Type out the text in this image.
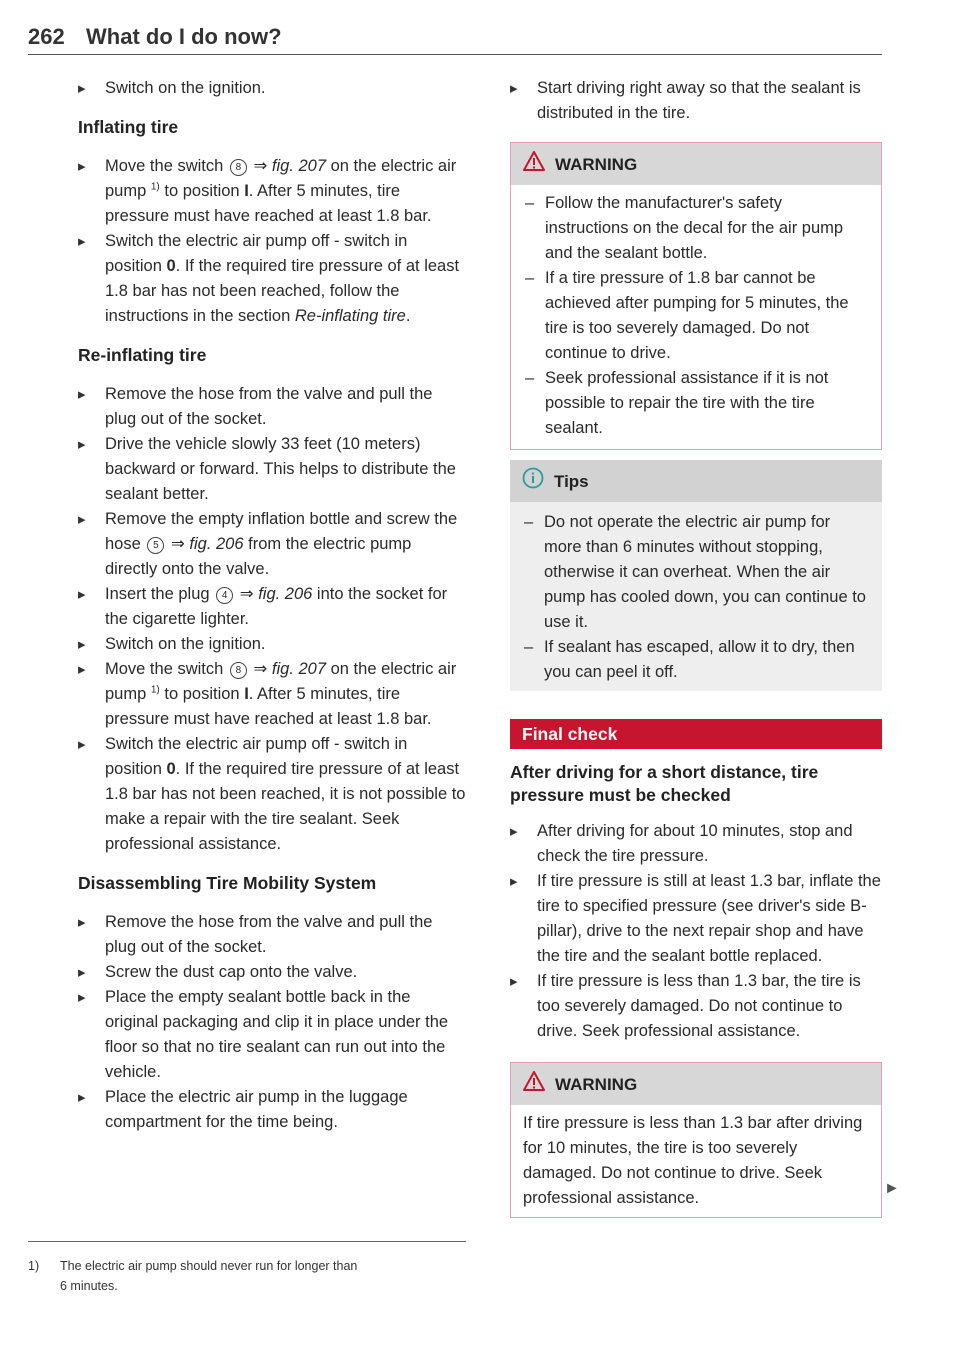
262 What do I do now?

▸ Switch on the ignition.

Inflating tire

▸ Move the switch 8 ⇒ fig. 207 on the electric air pump $^{1)}$ to position I. After 5 minutes, tire pressure must have reached at least 1.8 bar.

▸ Switch the electric air pump off - switch in position 0. If the required tire pressure of at least 1.8 bar has not been reached, follow the instructions in the section Re-inflating tire.

Re-inflating tire

▸ Remove the hose from the valve and pull the plug out of the socket.

▸ Drive the vehicle slowly 33 feet (10 meters) backward or forward. This helps to distribute the sealant better.

▸ Remove the empty inflation bottle and screw the hose 5 ⇒ fig. 206 from the electric pump directly onto the valve.

▸ Insert the plug 4 ⇒ fig. 206 into the socket for the cigarette lighter.

▸ Switch on the ignition.

▸ Move the switch 8 ⇒ fig. 207 on the electric air pump $^{1)}$ to position I. After 5 minutes, tire pressure must have reached at least 1.8 bar.

▸ Switch the electric air pump off - switch in position 0. If the required tire pressure of at least 1.8 bar has not been reached, it is not possible to make a repair with the tire sealant. Seek professional assistance.

Disassembling Tire Mobility System

▸ Remove the hose from the valve and pull the plug out of the socket.

▸ Screw the dust cap onto the valve.

▸ Place the empty sealant bottle back in the original packaging and clip it in place under the floor so that no tire sealant can run out into the vehicle.

▸ Place the electric air pump in the luggage compartment for the time being.

▸ Start driving right away so that the sealant is distributed in the tire.

WARNING

– Follow the manufacturer's safety instructions on the decal for the air pump and the sealant bottle.

– If a tire pressure of 1.8 bar cannot be achieved after pumping for 5 minutes, the tire is too severely damaged. Do not continue to drive.

– Seek professional assistance if it is not possible to repair the tire with the tire sealant.

Tips

– Do not operate the electric air pump for more than 6 minutes without stopping, otherwise it can overheat. When the air pump has cooled down, you can continue to use it.

– If sealant has escaped, allow it to dry, then you can peel it off.

Final check
After driving for a short distance, tire pressure must be checked

▸ After driving for about 10 minutes, stop and check the tire pressure.

▸ If tire pressure is still at least 1.3 bar, inflate the tire to specified pressure (see driver's side B-pillar), drive to the next repair shop and have the tire and the sealant bottle replaced.

▸ If tire pressure is less than 1.3 bar, the tire is too severely damaged. Do not continue to drive. Seek professional assistance.

WARNING

If tire pressure is less than 1.3 bar after driving for 10 minutes, the tire is too severely damaged. Do not continue to drive. Seek professional assistance.

►
1) The electric air pump should never run for longer than
6 minutes.
